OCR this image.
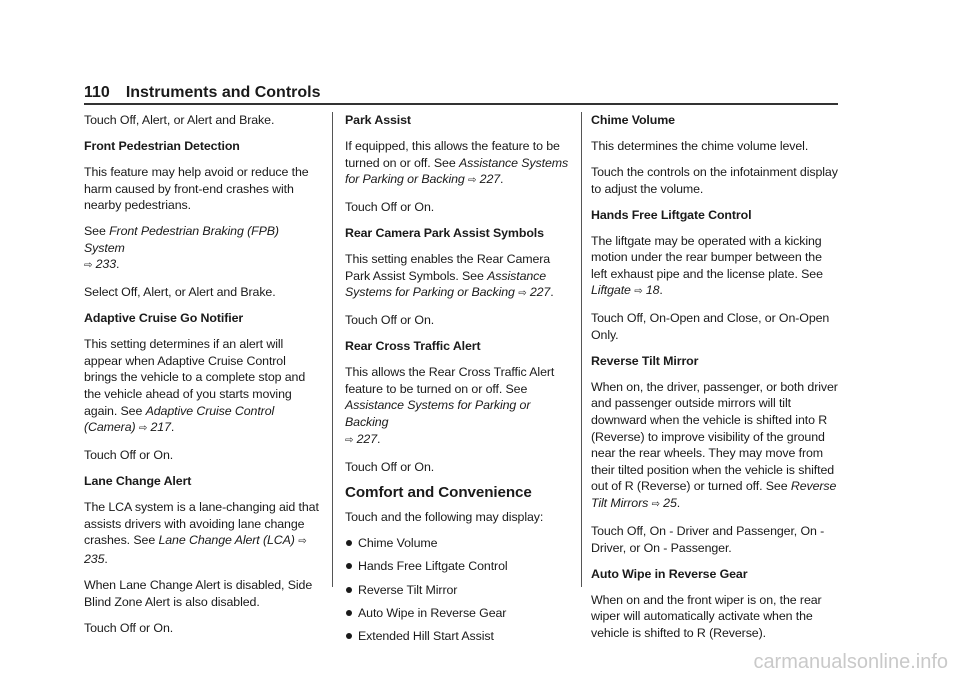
110 Instruments and Controls

Touch Off, Alert, or Alert and Brake.

Front Pedestrian Detection

This feature may help avoid or reduce the harm caused by front-end crashes with nearby pedestrians.

See Front Pedestrian Braking (FPB) System
⇨ 233.

Select Off, Alert, or Alert and Brake.

Adaptive Cruise Go Notifier

This setting determines if an alert will appear when Adaptive Cruise Control brings the vehicle to a complete stop and the vehicle ahead of you starts moving again. See Adaptive Cruise Control (Camera) ⇨ 217.

Touch Off or On.

Lane Change Alert

The LCA system is a lane-changing aid that assists drivers with avoiding lane change crashes. See Lane Change Alert (LCA) ⇨ 235.

When Lane Change Alert is disabled, Side Blind Zone Alert is also disabled.

Touch Off or On.

Park Assist

If equipped, this allows the feature to be turned on or off. See Assistance Systems for Parking or Backing ⇨ 227.

Touch Off or On.

Rear Camera Park Assist Symbols

This setting enables the Rear Camera Park Assist Symbols. See Assistance Systems for Parking or Backing ⇨ 227.

Touch Off or On.

Rear Cross Traffic Alert

This allows the Rear Cross Traffic Alert feature to be turned on or off. See Assistance Systems for Parking or Backing
⇨ 227.

Touch Off or On.

Comfort and Convenience

Touch and the following may display:

Chime Volume
Hands Free Liftgate Control
Reverse Tilt Mirror
Auto Wipe in Reverse Gear
Extended Hill Start Assist

Chime Volume

This determines the chime volume level.

Touch the controls on the infotainment display to adjust the volume.

Hands Free Liftgate Control

The liftgate may be operated with a kicking motion under the rear bumper between the left exhaust pipe and the license plate. See Liftgate ⇨ 18.

Touch Off, On-Open and Close, or On-Open Only.

Reverse Tilt Mirror

When on, the driver, passenger, or both driver and passenger outside mirrors will tilt downward when the vehicle is shifted into R (Reverse) to improve visibility of the ground near the rear wheels. They may move from their tilted position when the vehicle is shifted out of R (Reverse) or turned off. See Reverse Tilt Mirrors ⇨ 25.

Touch Off, On - Driver and Passenger, On - Driver, or On - Passenger.

Auto Wipe in Reverse Gear

When on and the front wiper is on, the rear wiper will automatically activate when the vehicle is shifted to R (Reverse).

carmanualsonline.info
